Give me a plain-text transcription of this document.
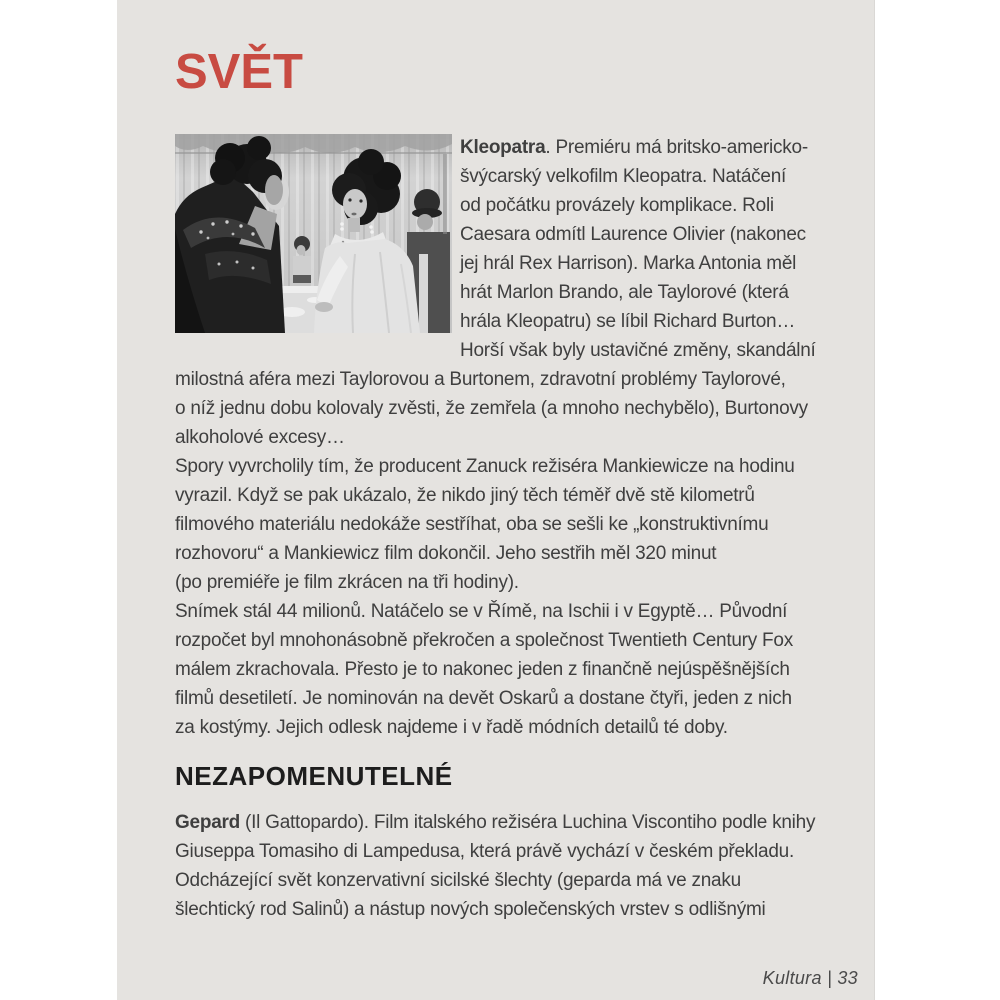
SVĚT
Kleopatra. Premiéru má britsko-americko-
švýcarský velkofilm Kleopatra. Natáčení
od počátku provázely komplikace. Roli
Caesara odmítl Laurence Olivier (nakonec
jej hrál Rex Harrison). Marka Antonia měl
hrát Marlon Brando, ale Taylorové (která
hrála Kleopatru) se líbil Richard Burton…
Horší však byly ustavičné změny, skandální
milostná aféra mezi Taylorovou a Burtonem, zdravotní problémy Taylorové,
o níž jednu dobu kolovaly zvěsti, že zemřela (a mnoho nechybělo), Burtonovy
alkoholové excesy…
Spory vyvrcholily tím, že producent Zanuck režiséra Mankiewicze na hodinu
vyrazil. Když se pak ukázalo, že nikdo jiný těch téměř dvě stě kilometrů
filmového materiálu nedokáže sestříhat, oba se sešli ke „konstruktivnímu
rozhovoru“ a Mankiewicz film dokončil. Jeho sestřih měl 320 minut
(po premiéře je film zkrácen na tři hodiny).
Snímek stál 44 milionů. Natáčelo se v Římě, na Ischii i v Egyptě… Původní
rozpočet byl mnohonásobně překročen a společnost Twentieth Century Fox
málem zkrachovala. Přesto je to nakonec jeden z finančně nejúspěšnějších
filmů desetiletí. Je nominován na devět Oskarů a dostane čtyři, jeden z nich
za kostýmy. Jejich odlesk najdeme i v řadě módních detailů té doby.
NEZAPOMENUTELNÉ
Gepard (Il Gattopardo). Film italského režiséra Luchina Viscontiho podle knihy
Giuseppa Tomasiho di Lampedusa, která právě vychází v českém překladu.
Odcházející svět konzervativní sicilské šlechty (geparda má ve znaku
šlechtický rod Salinů) a nástup nových společenských vrstev s odlišnými
Kultura | 33
